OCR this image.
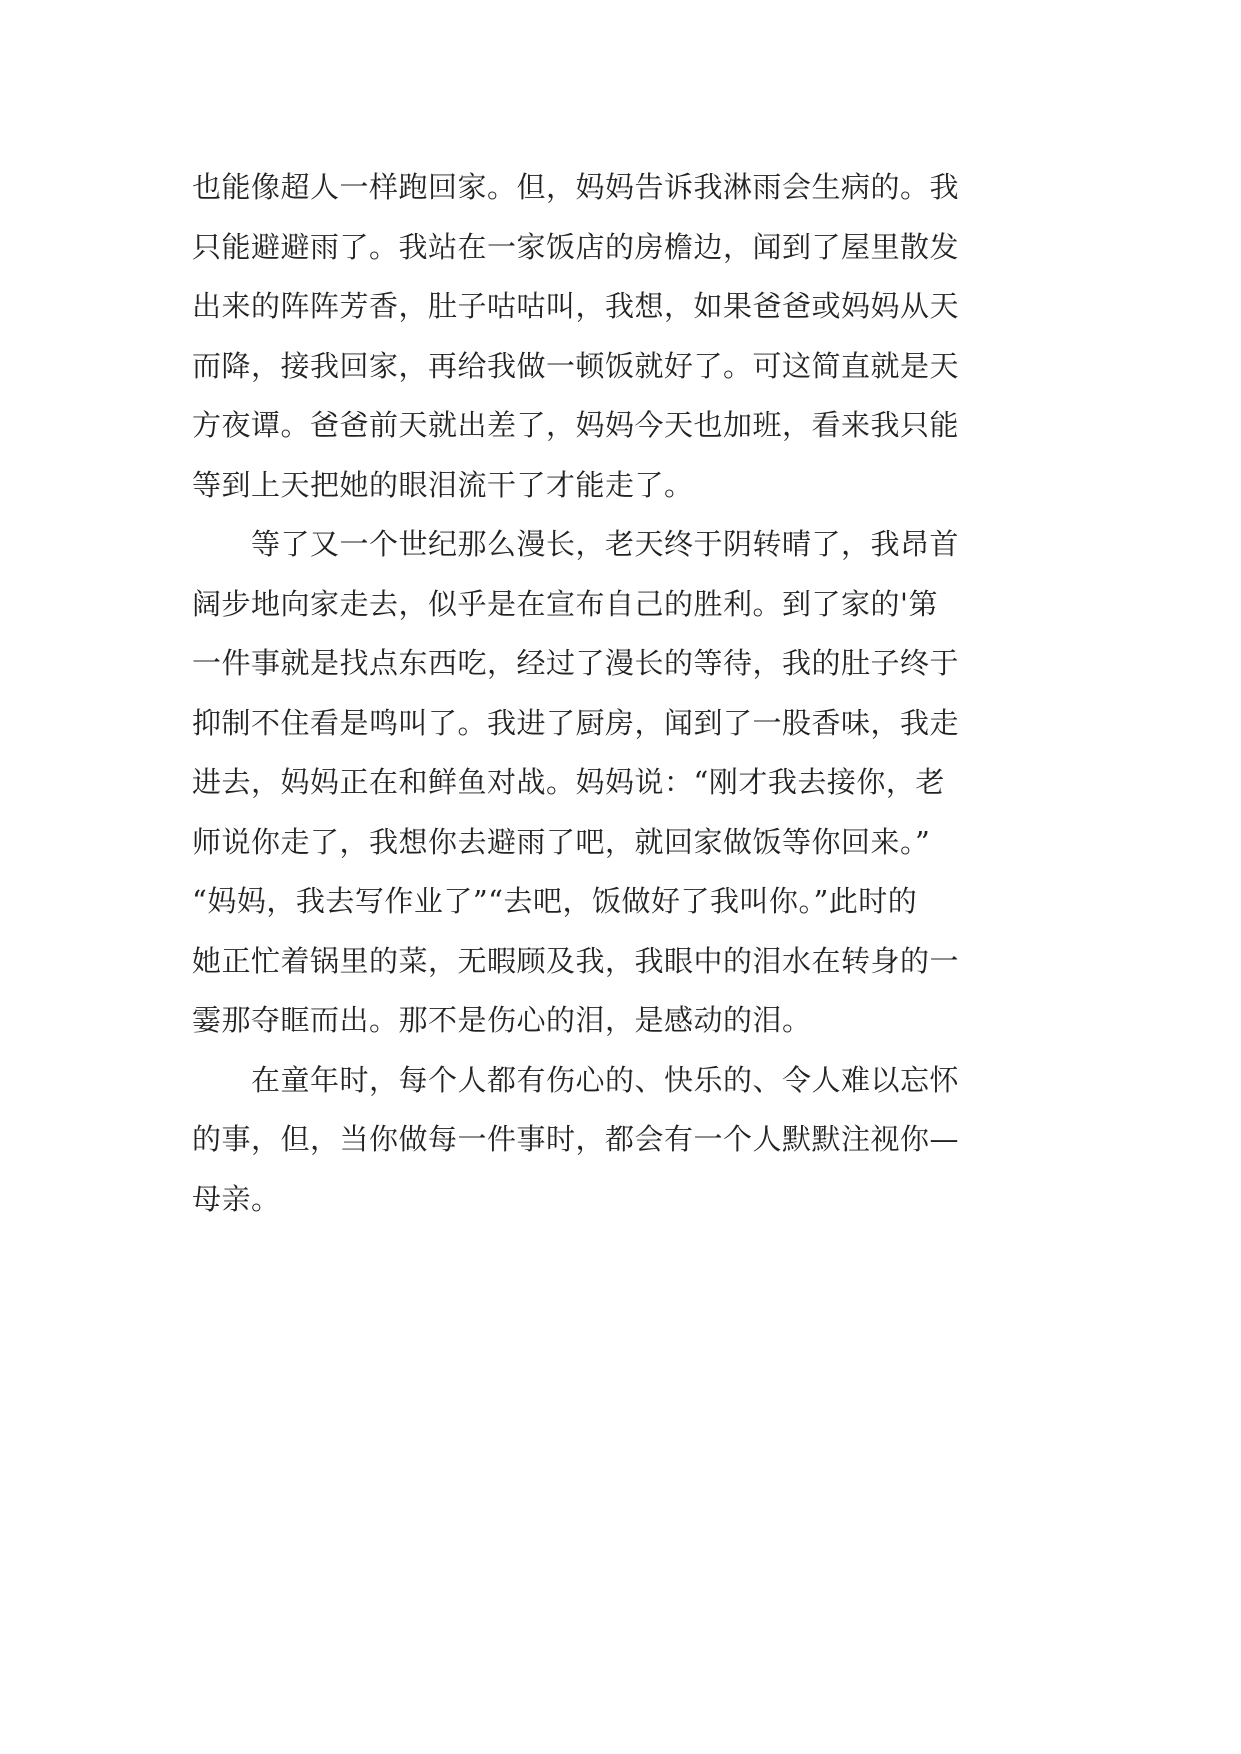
也能像超人一样跑回家。但，妈妈告诉我淋雨会生病的。我
只能避避雨了。我站在一家饭店的房檐边，闻到了屋里散发
出来的阵阵芳香，肚子咕咕叫，我想，如果爸爸或妈妈从天
而降，接我回家，再给我做一顿饭就好了。可这简直就是天
方夜谭。爸爸前天就出差了，妈妈今天也加班，看来我只能
等到上天把她的眼泪流干了才能走了。
　　等了又一个世纪那么漫长，老天终于阴转晴了，我昂首
阔步地向家走去，似乎是在宣布自己的胜利。到了家的'第
一件事就是找点东西吃，经过了漫长的等待，我的肚子终于
抑制不住看是鸣叫了。我进了厨房，闻到了一股香味，我走
进去，妈妈正在和鲜鱼对战。妈妈说：“刚才我去接你，老
师说你走了，我想你去避雨了吧，就回家做饭等你回来。”
“妈妈，我去写作业了”“去吧，饭做好了我叫你。”此时的
她正忙着锅里的菜，无暇顾及我，我眼中的泪水在转身的一
霎那夺眶而出。那不是伤心的泪，是感动的泪。
　　在童年时，每个人都有伤心的、快乐的、令人难以忘怀
的事，但，当你做每一件事时，都会有一个人默默注视你—
母亲。
